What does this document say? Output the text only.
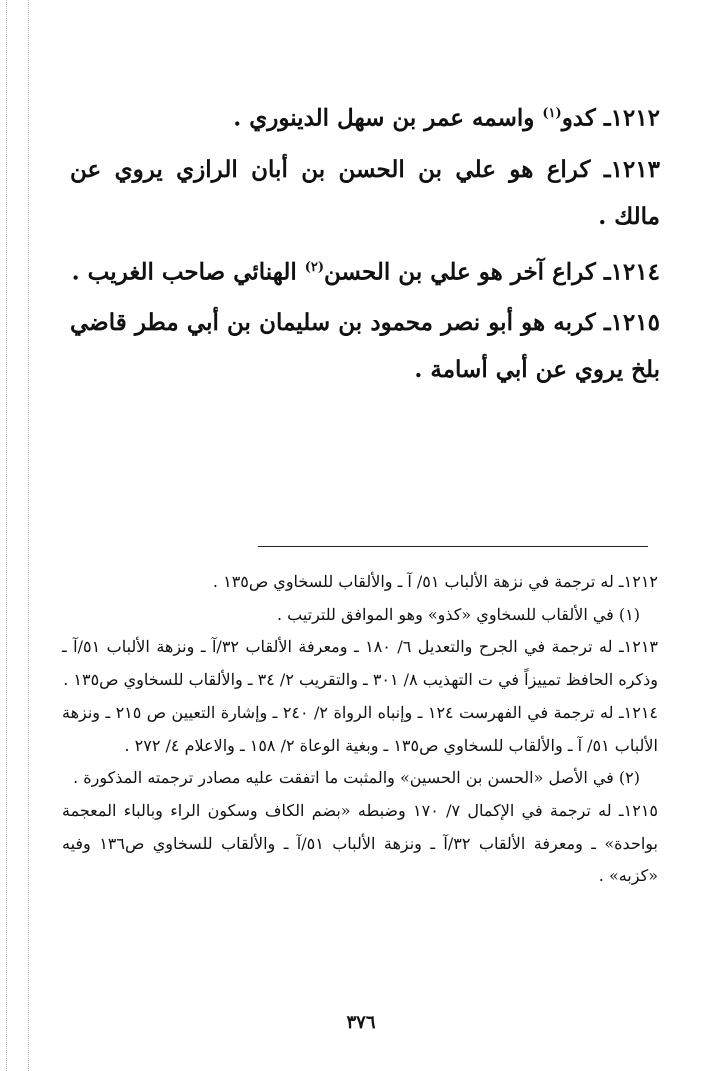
١٢١٢ـ كدو$^{(١)}$ واسمه عمر بن سهل الدينوري .

١٢١٣ـ كراع هو علي بن الحسن بن أبان الرازي يروي عن مالك .

١٢١٤ـ كراع آخر هو علي بن الحسن$^{(٢)}$ الهنائي صاحب الغريب .

١٢١٥ـ كربه هو أبو نصر محمود بن سليمان بن أبي مطر قاضي بلخ يروي عن أبي أسامة .

١٢١٢ـ له ترجمة في نزهة الألباب ٥١/ آ ـ والألقاب للسخاوي ص١٣٥ .

(١) في الألقاب للسخاوي «كذو» وهو الموافق للترتيب .

١٢١٣ـ له ترجمة في الجرح والتعديل ٦/ ١٨٠ ـ ومعرفة الألقاب ٣٢/آ ـ ونزهة الألباب ٥١/آ ـ وذكره الحافظ تمييزاً في ت التهذيب ٨/ ٣٠١ ـ والتقريب ٢/ ٣٤ ـ والألقاب للسخاوي ص١٣٥ .

١٢١٤ـ له ترجمة في الفهرست ١٢٤ ـ وإنباه الرواة ٢/ ٢٤٠ ـ وإشارة التعيين ص ٢١٥ ـ ونزهة الألباب ٥١/ آ ـ والألقاب للسخاوي ص١٣٥ ـ وبغية الوعاة ٢/ ١٥٨ ـ والاعلام ٤/ ٢٧٢ .

(٢) في الأصل «الحسن بن الحسين» والمثبت ما اتفقت عليه مصادر ترجمته المذكورة .

١٢١٥ـ له ترجمة في الإكمال ٧/ ١٧٠ وضبطه «بضم الكاف وسكون الراء وبالباء المعجمة بواحدة» ـ ومعرفة الألقاب ٣٢/آ ـ ونزهة الألباب ٥١/آ ـ والألقاب للسخاوي ص١٣٦ وفيه «كزبه» .

٣٧٦
